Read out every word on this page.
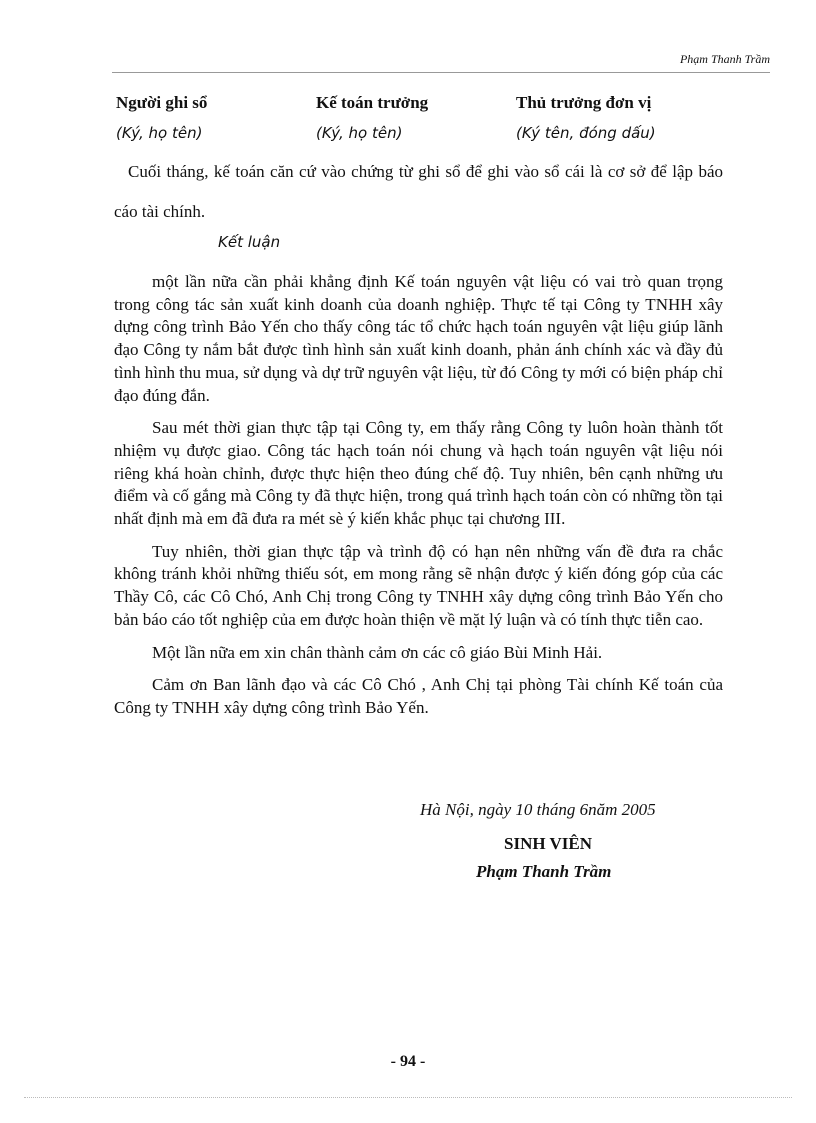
Phạm Thanh Trầm
Người ghi sổ	Kế toán trưởng	Thủ trưởng đơn vị
(Ký, họ tên)	(Ký, họ tên)	(Ký tên, đóng dấu)

Cuối tháng, kế toán căn cứ vào chứng từ ghi sổ để ghi vào sổ cái là cơ sở để lập báo cáo tài chính.

Kết luận

một lần nữa cần phải khẳng định Kế toán nguyên vật liệu có vai trò quan trọng trong công tác sản xuất kinh doanh của doanh nghiệp. Thực tế tại Công ty TNHH xây dựng công trình Bảo Yến cho thấy công tác tổ chức hạch toán nguyên vật liệu giúp lãnh đạo Công ty nắm bắt được tình hình sản xuất kinh doanh, phản ánh chính xác và đầy đủ tình hình thu mua, sử dụng và dự trữ nguyên vật liệu, từ đó Công ty mới có biện pháp chỉ đạo đúng đắn.

Sau mét thời gian thực tập tại Công ty, em thấy rằng Công ty luôn hoàn thành tốt nhiệm vụ được giao. Công tác hạch toán nói chung và hạch toán nguyên vật liệu nói riêng khá hoàn chỉnh, được thực hiện theo đúng chế độ. Tuy nhiên, bên cạnh những ưu điểm và cố gắng mà Công ty đã thực hiện, trong quá trình hạch toán còn có những tồn tại nhất định mà em đã đưa ra mét sè ý kiến khắc phục tại chương III.

Tuy nhiên, thời gian thực tập và trình độ có hạn nên những vấn đề đưa ra chắc không tránh khỏi những thiếu sót, em mong rằng sẽ nhận được ý kiến đóng góp của các Thầy Cô, các Cô Chó, Anh Chị trong Công ty TNHH xây dựng công trình Bảo Yến cho bản báo cáo tốt nghiệp của em được hoàn thiện về mặt lý luận và có tính thực tiễn cao.

Một lần nữa em xin chân thành cảm ơn các cô giáo Bùi Minh Hải.

Cảm ơn Ban lãnh đạo và các Cô Chó , Anh Chị tại phòng Tài chính Kế toán của Công ty TNHH xây dựng công trình Bảo Yến.

Hà Nội, ngày 10 tháng 6năm 2005
SINH VIÊN
Phạm Thanh Trầm
- 94 -
